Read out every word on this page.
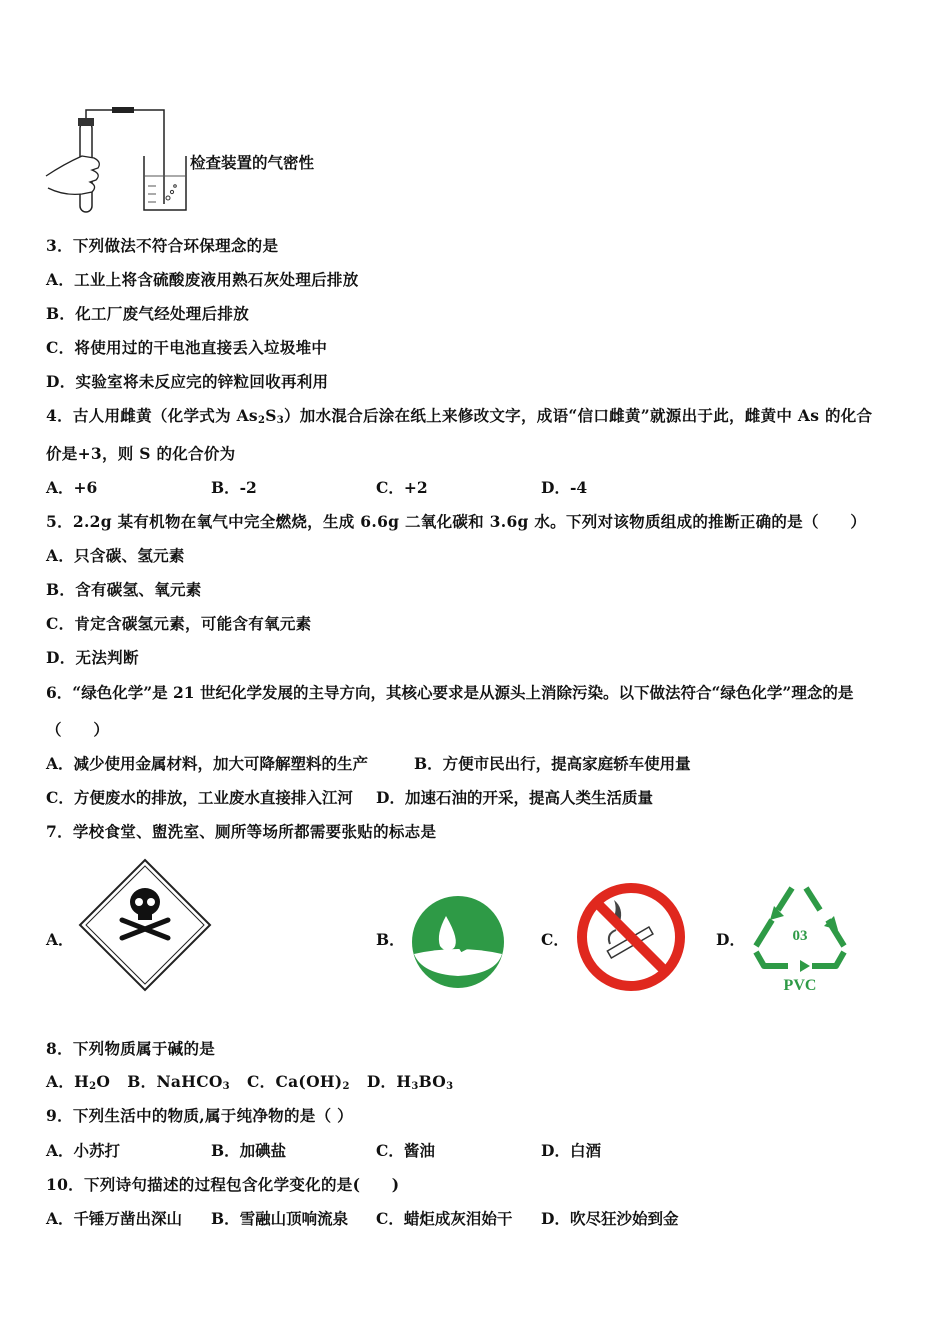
检查装置的气密性
3．下列做法不符合环保理念的是
A．工业上将含硫酸废液用熟石灰处理后排放
B．化工厂废气经处理后排放
C．将使用过的干电池直接丢入垃圾堆中
D．实验室将未反应完的锌粒回收再利用
4．古人用雌黄（化学式为 $As_2S_3$）加水混合后涂在纸上来修改文字，成语“信口雌黄”就源出于此，雌黄中 As 的化合
价是+3，则 S 的化合价为
A．+6	B．-2	C．+2	D．-4
5．2.2g 某有机物在氧气中完全燃烧，生成 6.6g 二氧化碳和 3.6g 水。下列对该物质组成的推断正确的是（　　）
A．只含碳、氢元素
B．含有碳氢、氧元素
C．肯定含碳氢元素，可能含有氧元素
D．无法判断
6．“绿色化学”是 21 世纪化学发展的主导方向，其核心要求是从源头上消除污染。以下做法符合“绿色化学”理念的是
（　　）
A．减少使用金属材料，加大可降解塑料的生产	B．方便市民出行，提高家庭轿车使用量
C．方便废水的排放，工业废水直接排入江河 D．加速石油的开采，提高人类生活质量
7．学校食堂、盥洗室、厕所等场所都需要张贴的标志是
A．	B．	C．	D．	03
PVC
8．下列物质属于碱的是
A．$H_2O$ B．NaHCO$_3$ C．$Ca(OH)_2$ D．$H_3BO_3$
9．下列生活中的物质,属于纯净物的是（ ）
A．小苏打	B．加碘盐	C．酱油	D．白酒
10．下列诗句描述的过程包含化学变化的是(　　)
A．千锤万凿出深山 B．雪融山顶响流泉 C．蜡炬成灰泪始干 D．吹尽狂沙始到金
